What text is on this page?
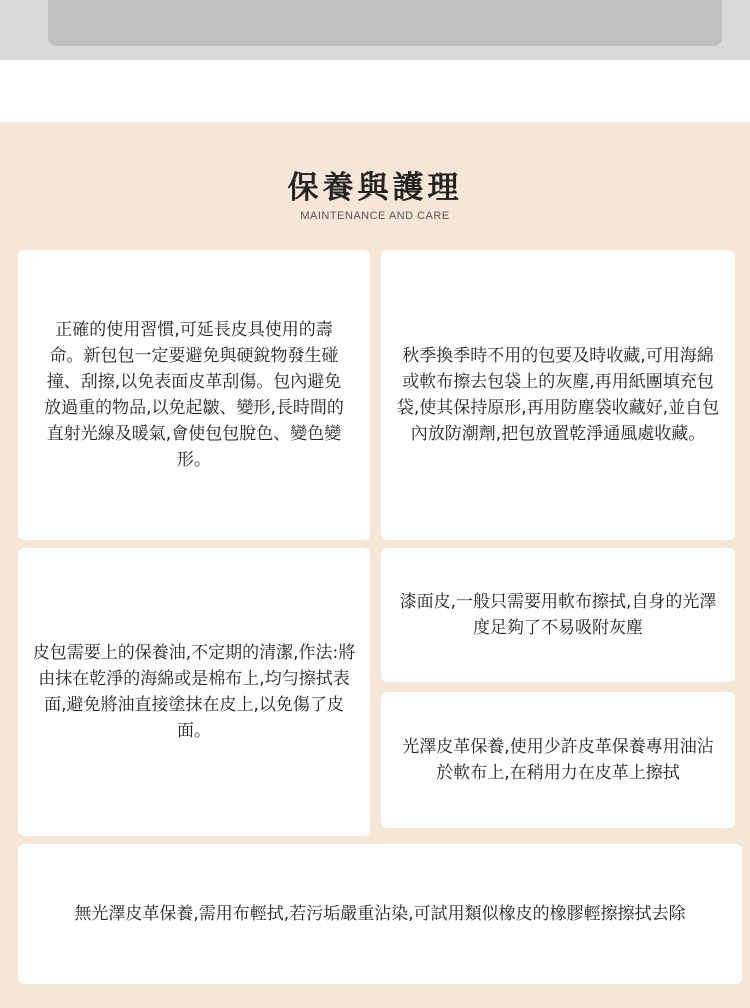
保養與護理
MAINTENANCE AND CARE

正確的使用習慣,可延長皮具使用的壽命。新包包一定要避免與硬銳物發生碰撞、刮擦,以免表面皮革刮傷。包內避免放過重的物品,以免起皺、變形,長時間的直射光線及暖氣,會使包包脫色、變色變形。

秋季換季時不用的包要及時收藏,可用海綿或軟布擦去包袋上的灰塵,再用紙團填充包袋,使其保持原形,再用防塵袋收藏好,並自包內放防潮劑,把包放置乾淨通風處收藏。

皮包需要上的保養油,不定期的清潔,作法:將由抹在乾淨的海綿或是棉布上,均勻擦拭表面,避免將油直接塗抹在皮上,以免傷了皮面。

漆面皮,一般只需要用軟布擦拭,自身的光澤度足夠了不易吸附灰塵

光澤皮革保養,使用少許皮革保養專用油沾於軟布上,在稍用力在皮革上擦拭

無光澤皮革保養,需用布輕拭,若污垢嚴重沾染,可試用類似橡皮的橡膠輕擦擦拭去除
